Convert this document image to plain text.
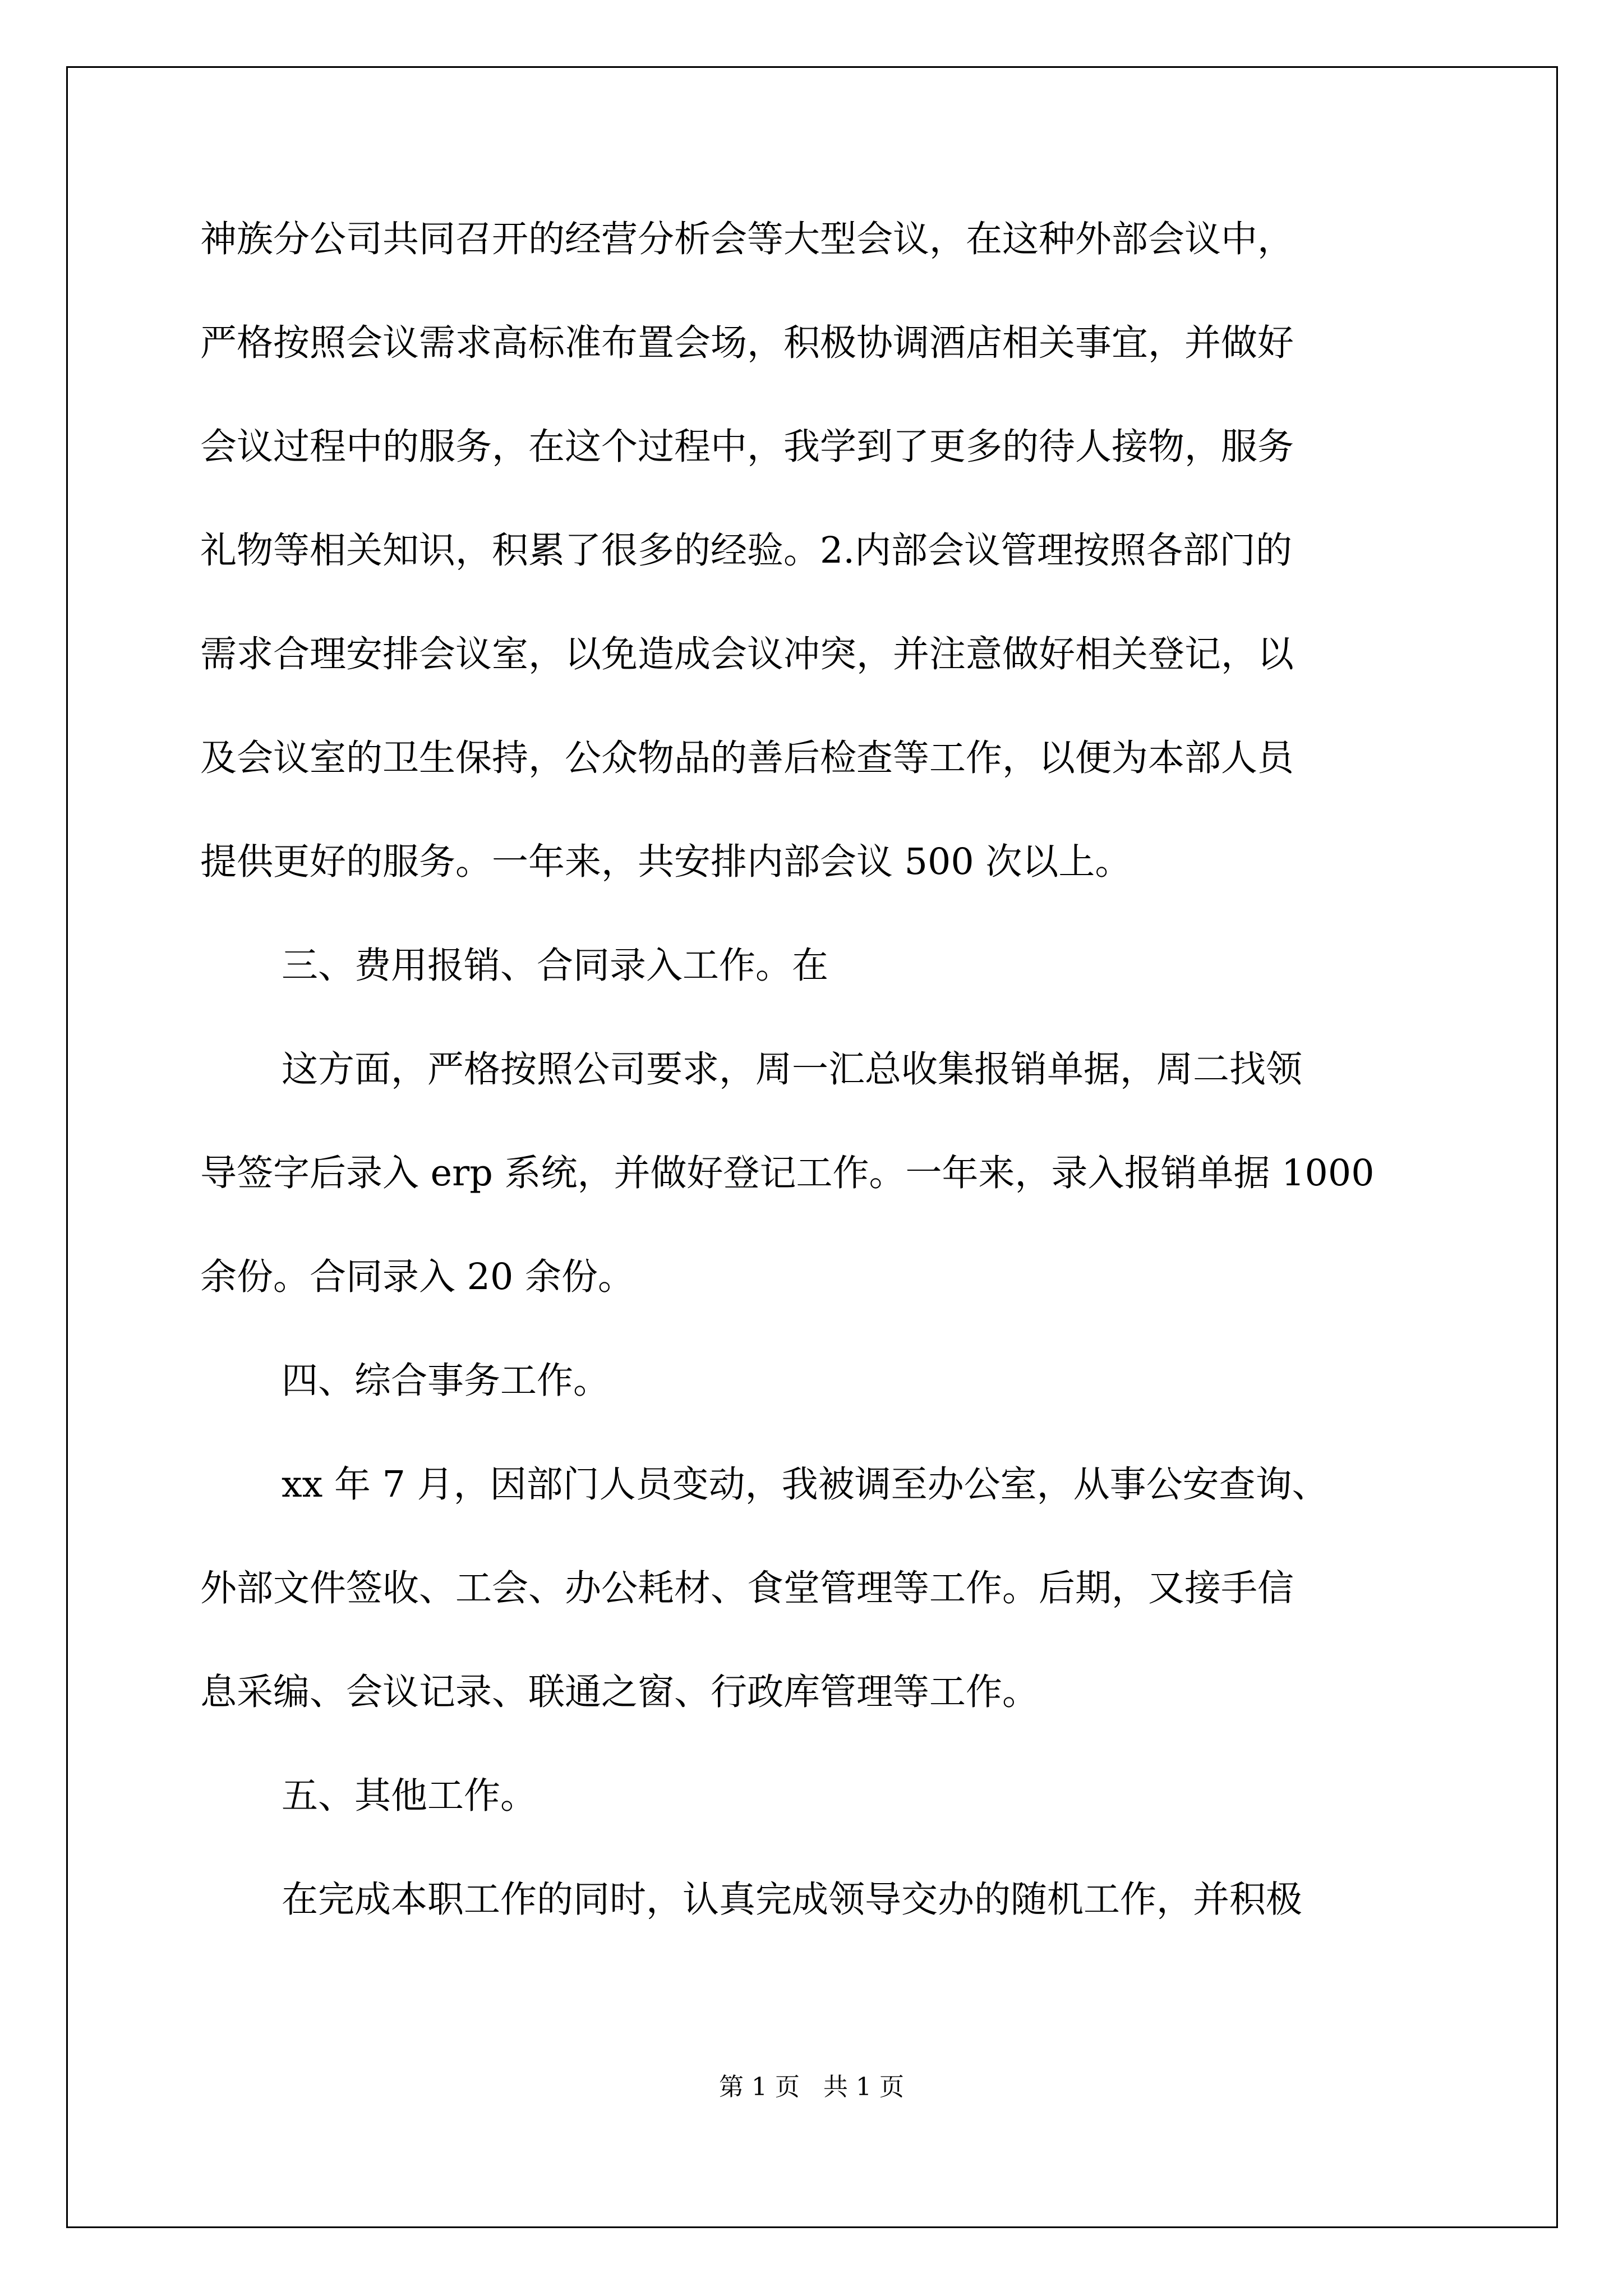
神族分公司共同召开的经营分析会等大型会议，在这种外部会议中，
严格按照会议需求高标准布置会场，积极协调酒店相关事宜，并做好
会议过程中的服务，在这个过程中，我学到了更多的待人接物，服务
礼物等相关知识，积累了很多的经验。2.内部会议管理按照各部门的
需求合理安排会议室，以免造成会议冲突，并注意做好相关登记，以
及会议室的卫生保持，公众物品的善后检查等工作，以便为本部人员
提供更好的服务。一年来，共安排内部会议 500 次以上。
三、费用报销、合同录入工作。在
这方面，严格按照公司要求，周一汇总收集报销单据，周二找领
导签字后录入 erp 系统，并做好登记工作。一年来，录入报销单据 1000
余份。合同录入 20 余份。
四、综合事务工作。
xx 年 7 月，因部门人员变动，我被调至办公室，从事公安查询、
外部文件签收、工会、办公耗材、食堂管理等工作。后期，又接手信
息采编、会议记录、联通之窗、行政库管理等工作。
五、其他工作。
在完成本职工作的同时，认真完成领导交办的随机工作，并积极
第 1 页   共 1 页
